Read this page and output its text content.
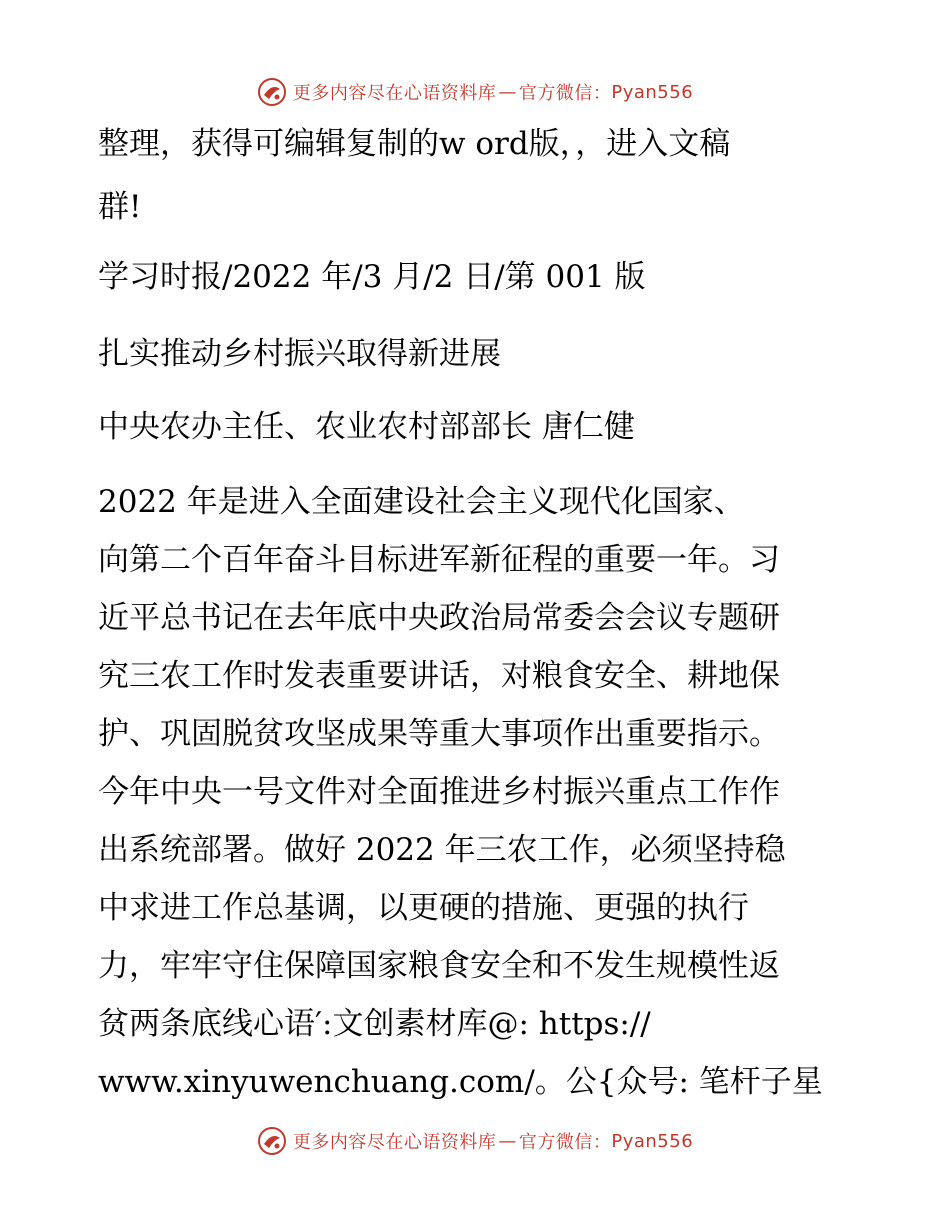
更多内容尽在心语资料库 — 官方微信： Pyan556
整理，获得可编辑复制的w ord版，，进入文稿
群!
学习时报/2022 年/3 月/2 日/第 001 版
扎实推动乡村振兴取得新进展
中央农办主任、农业农村部部长 唐仁健
2022 年是进入全面建设社会主义现代化国家、
向第二个百年奋斗目标进军新征程的重要一年。习
近平总书记在去年底中央政治局常委会会议专题研
究三农工作时发表重要讲话，对粮食安全、耕地保
护、巩固脱贫攻坚成果等重大事项作出重要指示。
今年中央一号文件对全面推进乡村振兴重点工作作
出系统部署。做好 2022 年三农工作，必须坚持稳
中求进工作总基调，以更硬的措施、更强的执行
力，牢牢守住保障国家粮食安全和不发生规模性返
贫两条底线心语′:文创素材库@: https://
www.xinyuwenchuang.com/。公{众号: 笔杆子星
更多内容尽在心语资料库 — 官方微信： Pyan556
